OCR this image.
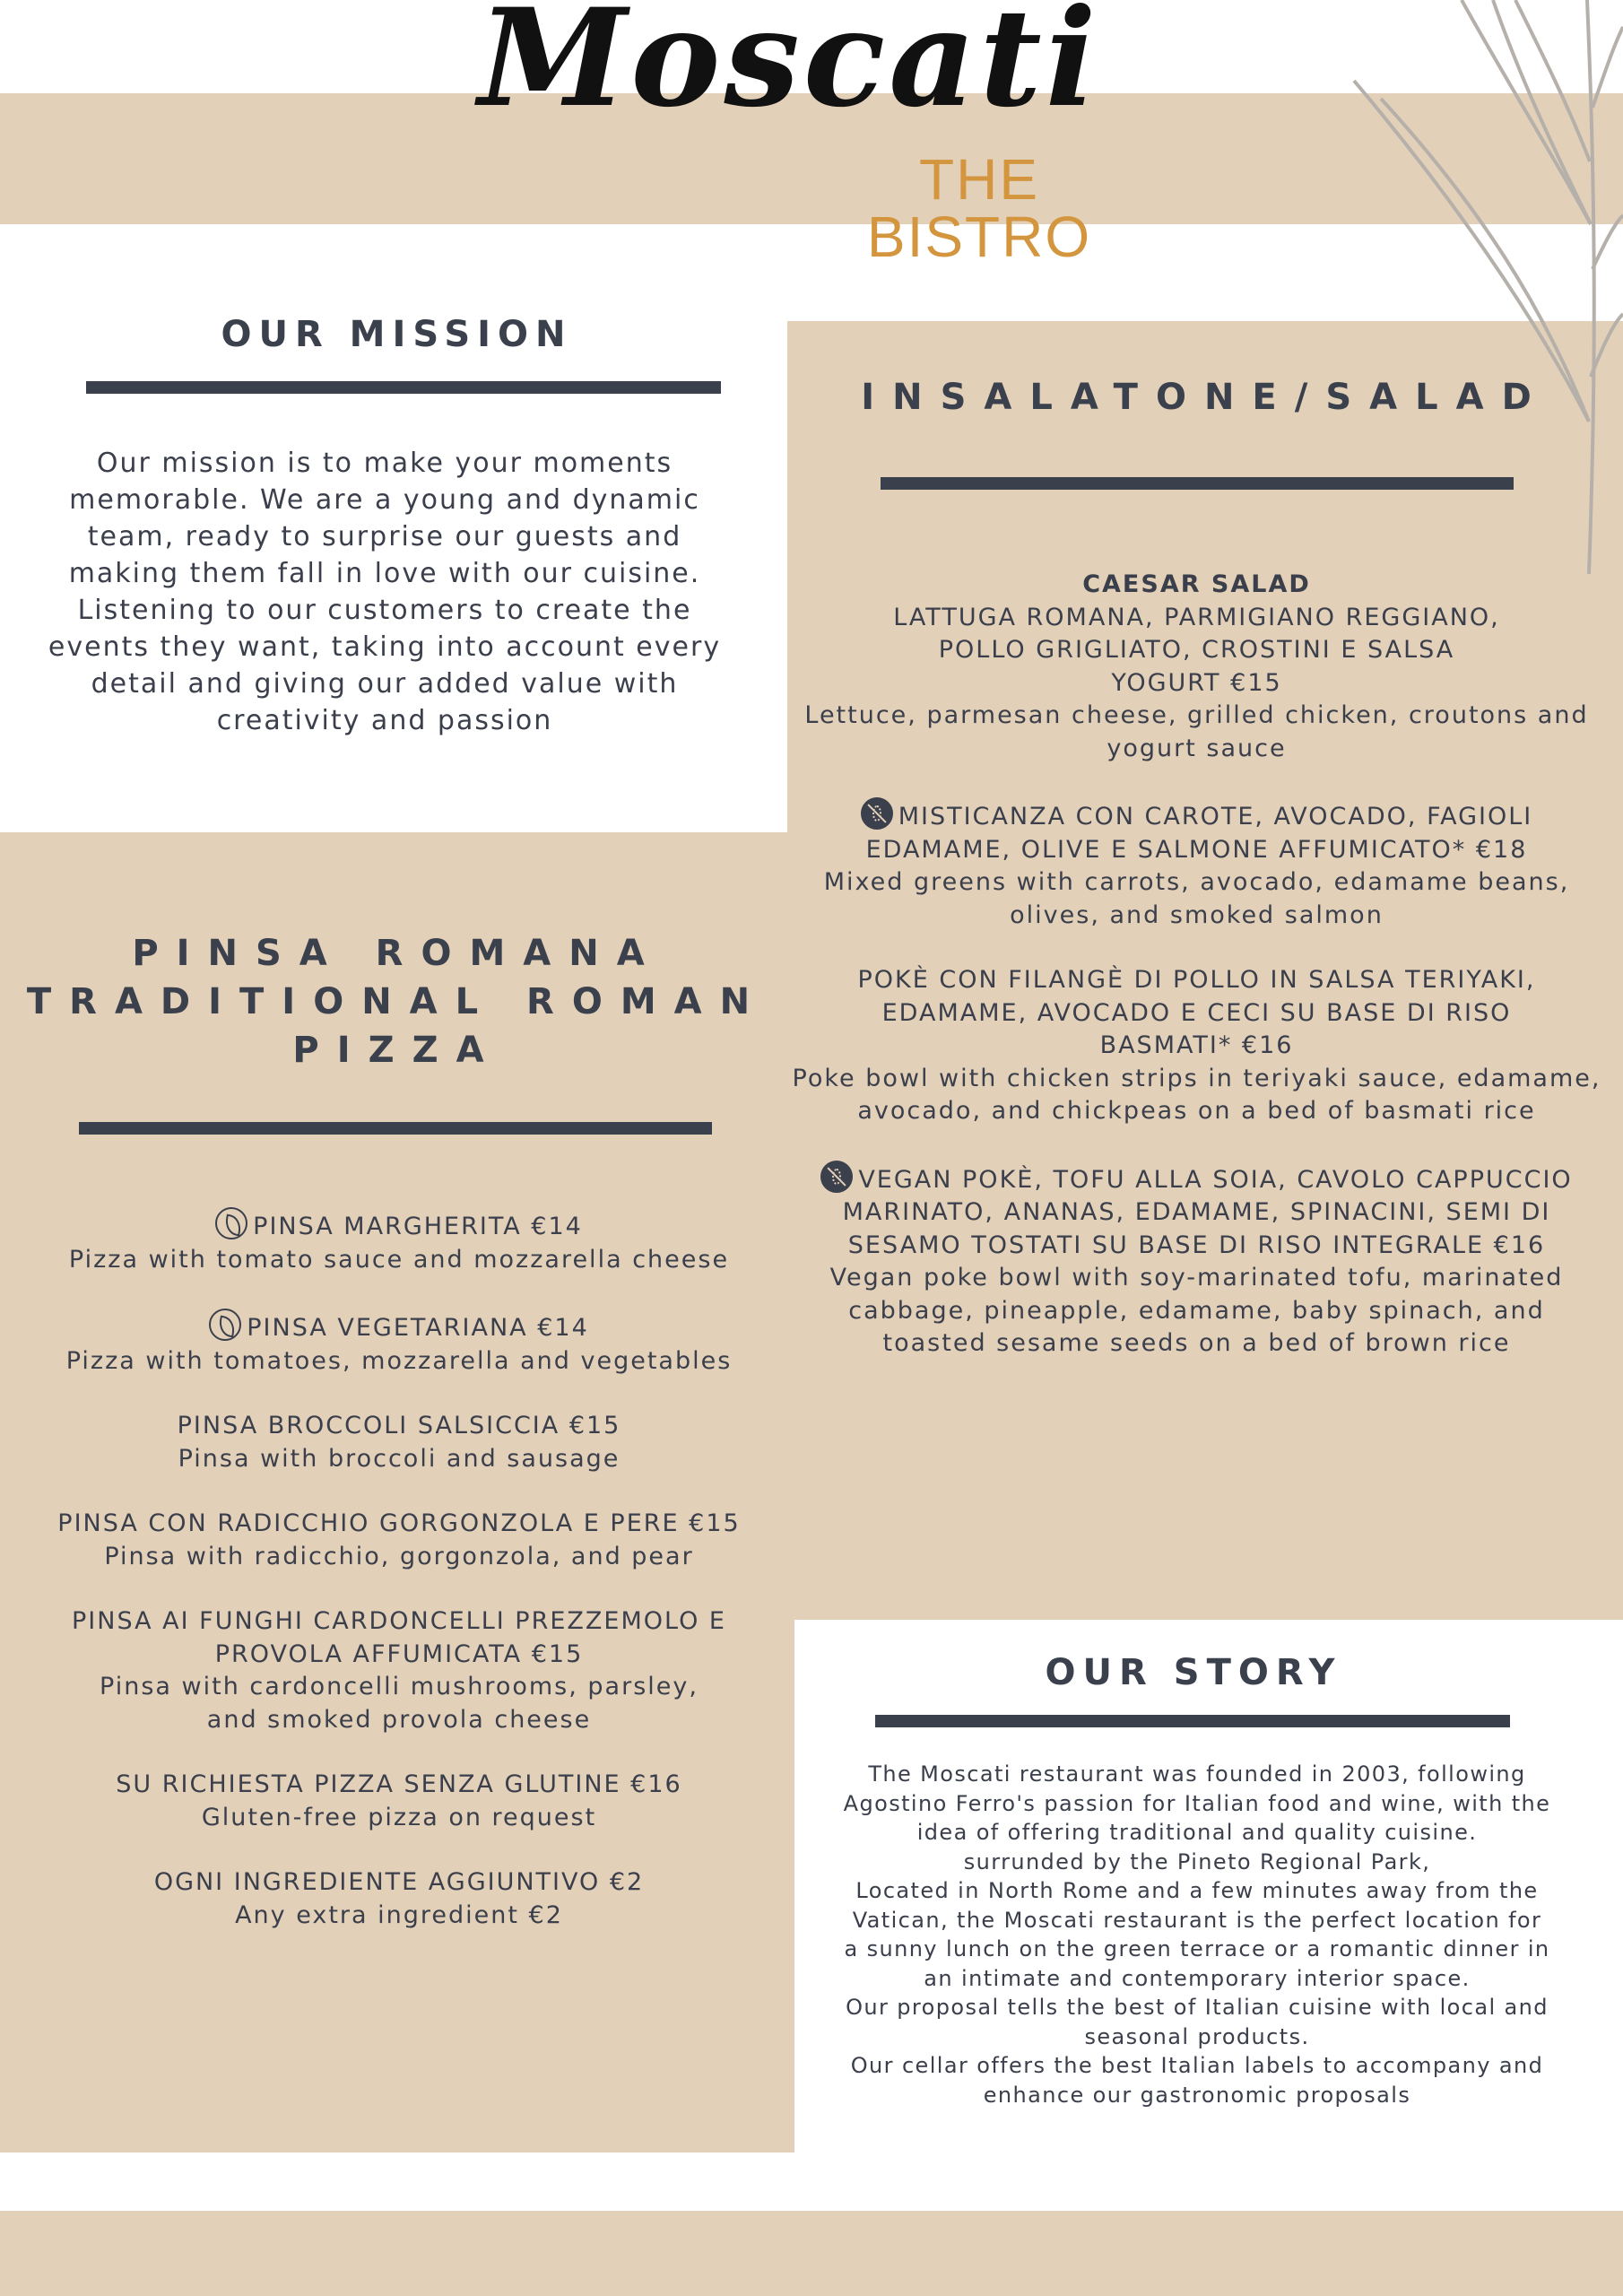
Moscati
THE BISTRO
OUR MISSION
Our mission is to make your moments memorable. We are a young and dynamic team, ready to surprise our guests and making them fall in love with our cuisine. Listening to our customers to create the events they want, taking into account every detail and giving our added value with creativity and passion
INSALATONE/SALAD
CAESAR SALAD
LATTUGA ROMANA, PARMIGIANO REGGIANO, POLLO GRIGLIATO, CROSTINI E SALSA YOGURT €15
Lettuce, parmesan cheese, grilled chicken, croutons and yogurt sauce
MISTICANZA CON CAROTE, AVOCADO, FAGIOLI EDAMAME, OLIVE E SALMONE AFFUMICATO* €18
Mixed greens with carrots, avocado, edamame beans, olives, and smoked salmon
POKÈ CON FILANGÈ DI POLLO IN SALSA TERIYAKI, EDAMAME, AVOCADO E CECI SU BASE DI RISO BASMATI* €16
Poke bowl with chicken strips in teriyaki sauce, edamame, avocado, and chickpeas on a bed of basmati rice
VEGAN POKÈ, TOFU ALLA SOIA, CAVOLO CAPPUCCIO MARINATO, ANANAS, EDAMAME, SPINACINI, SEMI DI SESAMO TOSTATI SU BASE DI RISO INTEGRALE €16
Vegan poke bowl with soy-marinated tofu, marinated cabbage, pineapple, edamame, baby spinach, and toasted sesame seeds on a bed of brown rice
PINSA ROMANA
TRADITIONAL ROMAN
PIZZA
PINSA MARGHERITA €14
Pizza with tomato sauce and mozzarella cheese
PINSA VEGETARIANA €14
Pizza with tomatoes, mozzarella and vegetables
PINSA BROCCOLI SALSICCIA €15
Pinsa with broccoli and sausage
PINSA CON RADICCHIO GORGONZOLA E PERE €15
Pinsa with radicchio, gorgonzola, and pear
PINSA AI FUNGHI CARDONCELLI PREZZEMOLO E PROVOLA AFFUMICATA €15
Pinsa with cardoncelli mushrooms, parsley, and smoked provola cheese
SU RICHIESTA PIZZA SENZA GLUTINE €16
Gluten-free pizza on request
OGNI INGREDIENTE AGGIUNTIVO €2
Any extra ingredient €2
OUR STORY
The Moscati restaurant was founded in 2003, following Agostino Ferro's passion for Italian food and wine, with the idea of offering traditional and quality cuisine.
surrunded by the Pineto Regional Park,
Located in North Rome and a few minutes away from the Vatican, the Moscati restaurant is the perfect location for a sunny lunch on the green terrace or a romantic dinner in an intimate and contemporary interior space.
Our proposal tells the best of Italian cuisine with local and seasonal products.
Our cellar offers the best Italian labels to accompany and enhance our gastronomic proposals
